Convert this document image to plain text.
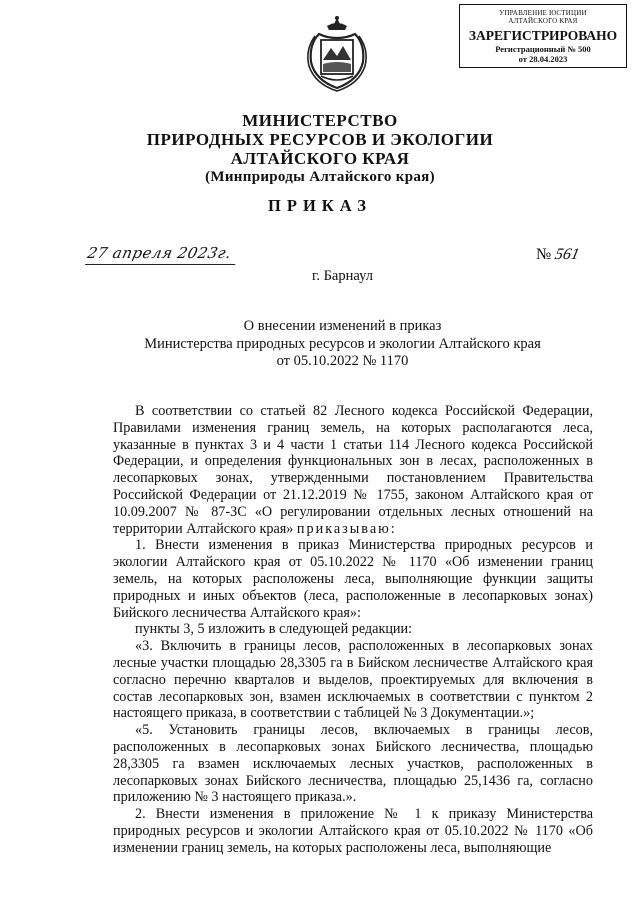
УПРАВЛЕНИЕ ЮСТИЦИИ
АЛТАЙСКОГО КРАЯ
ЗАРЕГИСТРИРОВАНО
Регистрационный № 500
от 28.04.2023
МИНИСТЕРСТВО
ПРИРОДНЫХ РЕСУРСОВ И ЭКОЛОГИИ
АЛТАЙСКОГО КРАЯ
(Минприроды Алтайского края)
ПРИКАЗ
27 апреля 2023г.	№ 561
г. Барнаул
О внесении изменений в приказ
Министерства природных ресурсов и экологии Алтайского края
от 05.10.2022 № 1170

В соответствии со статьей 82 Лесного кодекса Российской Федерации, Правилами изменения границ земель, на которых располагаются леса, указанные в пунктах 3 и 4 части 1 статьи 114 Лесного кодекса Российской Федерации, и определения функциональных зон в лесах, расположенных в лесопарковых зонах, утвержденными постановлением Правительства Российской Федерации от 21.12.2019 № 1755, законом Алтайского края от 10.09.2007 № 87-ЗС «О регулировании отдельных лесных отношений на территории Алтайского края» приказываю:

1. Внести изменения в приказ Министерства природных ресурсов и экологии Алтайского края от 05.10.2022 № 1170 «Об изменении границ земель, на которых расположены леса, выполняющие функции защиты природных и иных объектов (леса, расположенные в лесопарковых зонах) Бийского лесничества Алтайского края»:

пункты 3, 5 изложить в следующей редакции:

«3. Включить в границы лесов, расположенных в лесопарковых зонах лесные участки площадью 28,3305 га в Бийском лесничестве Алтайского края согласно перечню кварталов и выделов, проектируемых для включения в состав лесопарковых зон, взамен исключаемых в соответствии с пунктом 2 настоящего приказа, в соответствии с таблицей № 3 Документации.»;

«5. Установить границы лесов, включаемых в границы лесов, расположенных в лесопарковых зонах Бийского лесничества, площадью 28,3305 га взамен исключаемых лесных участков, расположенных в лесопарковых зонах Бийского лесничества, площадью 25,1436 га, согласно приложению № 3 настоящего приказа.».

2. Внести изменения в приложение № 1 к приказу Министерства природных ресурсов и экологии Алтайского края от 05.10.2022 № 1170 «Об изменении границ земель, на которых расположены леса, выполняющие
